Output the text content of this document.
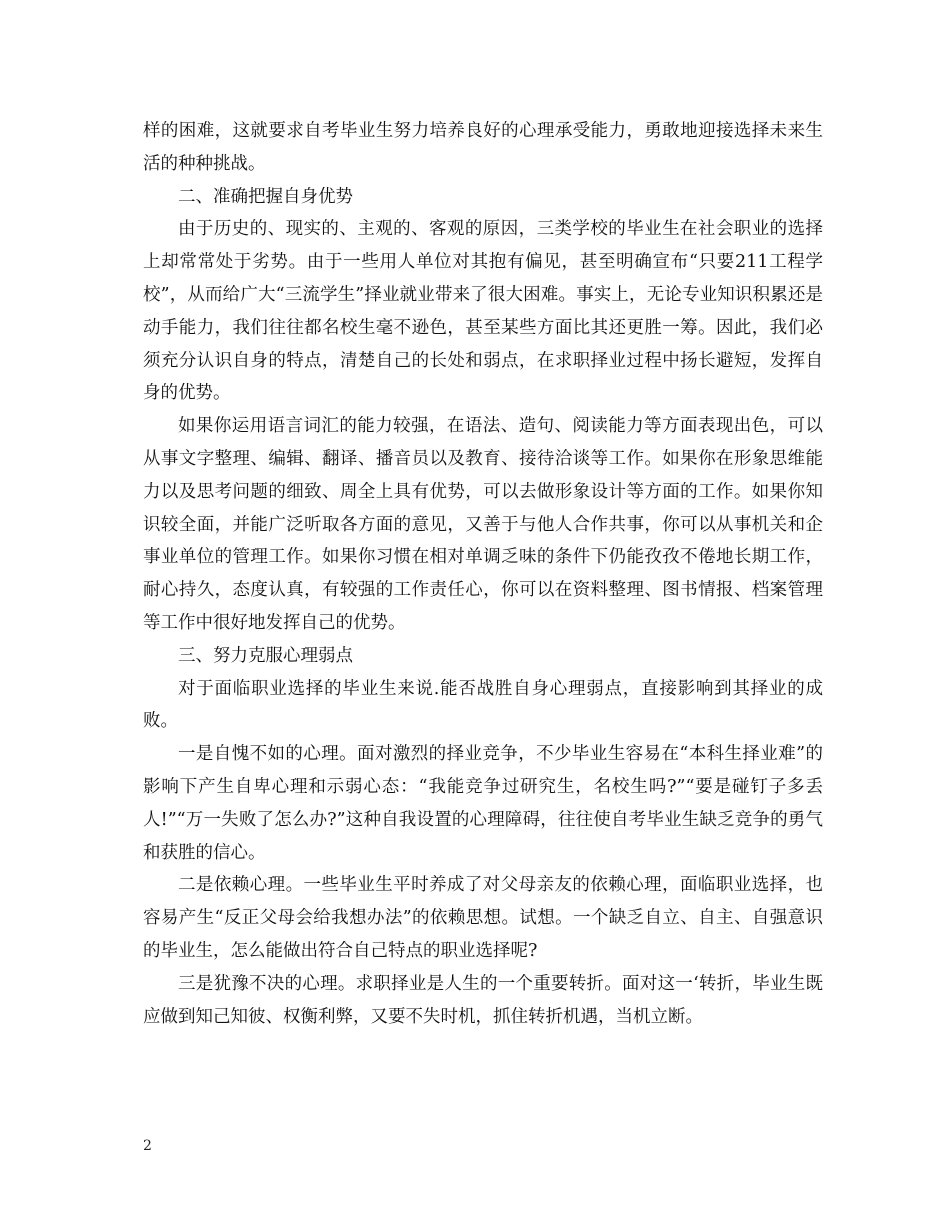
样的困难，这就要求自考毕业生努力培养良好的心理承受能力，勇敢地迎接选择未来生活的种种挑战。

二、准确把握自身优势

由于历史的、现实的、主观的、客观的原因，三类学校的毕业生在社会职业的选择上却常常处于劣势。由于一些用人单位对其抱有偏见，甚至明确宣布“只要211工程学校”，从而给广大“三流学生”择业就业带来了很大困难。事实上，无论专业知识积累还是动手能力，我们往往都名校生毫不逊色，甚至某些方面比其还更胜一筹。因此，我们必须充分认识自身的特点，清楚自己的长处和弱点，在求职择业过程中扬长避短，发挥自身的优势。

如果你运用语言词汇的能力较强，在语法、造句、阅读能力等方面表现出色，可以从事文字整理、编辑、翻译、播音员以及教育、接待洽谈等工作。如果你在形象思维能力以及思考问题的细致、周全上具有优势，可以去做形象设计等方面的工作。如果你知识较全面，并能广泛听取各方面的意见，又善于与他人合作共事，你可以从事机关和企事业单位的管理工作。如果你习惯在相对单调乏味的条件下仍能孜孜不倦地长期工作，耐心持久，态度认真，有较强的工作责任心，你可以在资料整理、图书情报、档案管理等工作中很好地发挥自己的优势。

三、努力克服心理弱点

对于面临职业选择的毕业生来说.能否战胜自身心理弱点，直接影响到其择业的成败。

一是自愧不如的心理。面对激烈的择业竞争，不少毕业生容易在“本科生择业难”的影响下产生自卑心理和示弱心态：“我能竞争过研究生，名校生吗?”“要是碰钉子多丢人!”“万一失败了怎么办?”这种自我设置的心理障碍，往往使自考毕业生缺乏竞争的勇气和获胜的信心。

二是依赖心理。一些毕业生平时养成了对父母亲友的依赖心理，面临职业选择，也容易产生“反正父母会给我想办法”的依赖思想。试想。一个缺乏自立、自主、自强意识的毕业生，怎么能做出符合自己特点的职业选择呢?

三是犹豫不决的心理。求职择业是人生的一个重要转折。面对这一‘转折，毕业生既应做到知己知彼、权衡利弊，又要不失时机，抓住转折机遇，当机立断。

2
